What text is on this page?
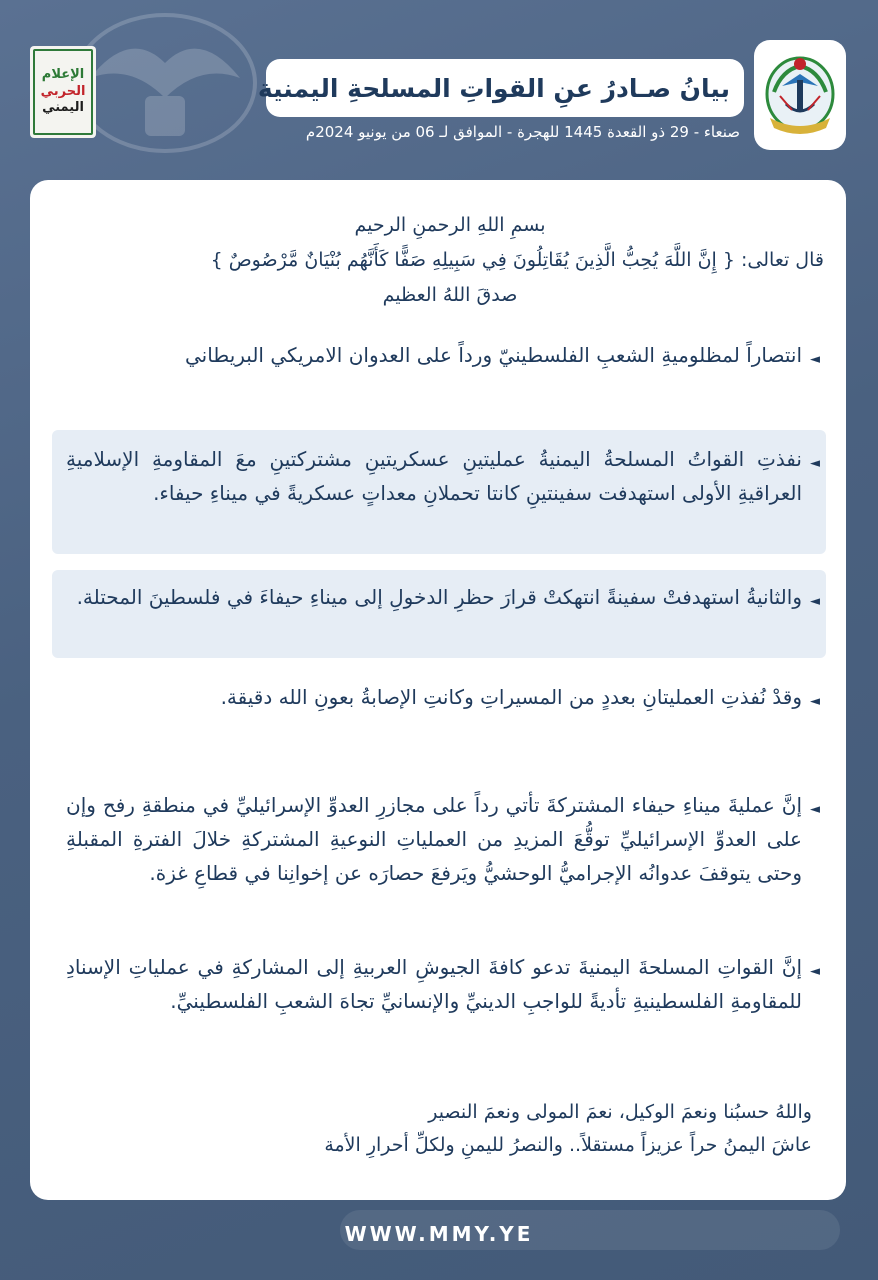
الإعلام
الحربي
اليمني
بيانُ صـادرُ عنِ القواتِ المسلحةِ اليمنية
صنعاء - 29 ذو القعدة 1445 للهجرة - الموافق لـ 06 من يونيو 2024م
بسمِ اللهِ الرحمنِ الرحيم
قال تعالى: { إِنَّ اللَّهَ يُحِبُّ الَّذِينَ يُقَاتِلُونَ فِي سَبِيلِهِ صَفًّا كَأَنَّهُم بُنْيَانٌ مَّرْصُوصٌ }
صدقَ اللهُ العظيم
◄
انتصاراً لمظلوميةِ الشعبِ الفلسطينيّ ورداً على العدوان الامريكي البريطاني
◄
نفذتِ القواتُ المسلحةُ اليمنيةُ عمليتينِ عسكريتينِ مشتركتينِ معَ المقاومةِ الإسلاميةِ العراقيةِ الأولى استهدفت سفينتينِ كانتا تحملانِ معداتٍ عسكريةً في ميناءِ حيفاء.
◄
والثانيةُ استهدفتْ سفينةً انتهكتْ قرارَ حظرِ الدخولِ إلى ميناءِ حيفاءَ في فلسطينَ المحتلة.
◄
وقدْ نُفذتِ العمليتانِ بعددٍ من المسيراتِ وكانتِ الإصابةُ بعونِ الله دقيقة.
◄
إنَّ عمليةَ ميناءِ حيفاء المشتركةَ تأتي رداً على مجازرِ العدوِّ الإسرائيليِّ في منطقةِ رفح وإن على العدوِّ الإسرائيليِّ توقُّعَ المزيدِ من العملياتِ النوعيةِ المشتركةِ خلالَ الفترةِ المقبلةِ وحتى يتوقفَ عدوانُه الإجراميُّ الوحشيُّ ويَرفعَ حصارَه عن إخوانِنا في قطاعِ غزة.
◄
إنَّ القواتِ المسلحةَ اليمنيةَ تدعو كافةَ الجيوشِ العربيةِ إلى المشاركةِ في عملياتِ الإسنادِ للمقاومةِ الفلسطينيةِ تأديةً للواجبِ الدينيِّ والإنسانيِّ تجاهَ الشعبِ الفلسطينيِّ.
واللهُ حسبُنا ونعمَ الوكيل، نعمَ المولى ونعمَ النصير
عاشَ اليمنُ حراً عزيزاً مستقلاً.. والنصرُ لليمنِ ولكلِّ أحرارِ الأمة
WWW.MMY.YE
